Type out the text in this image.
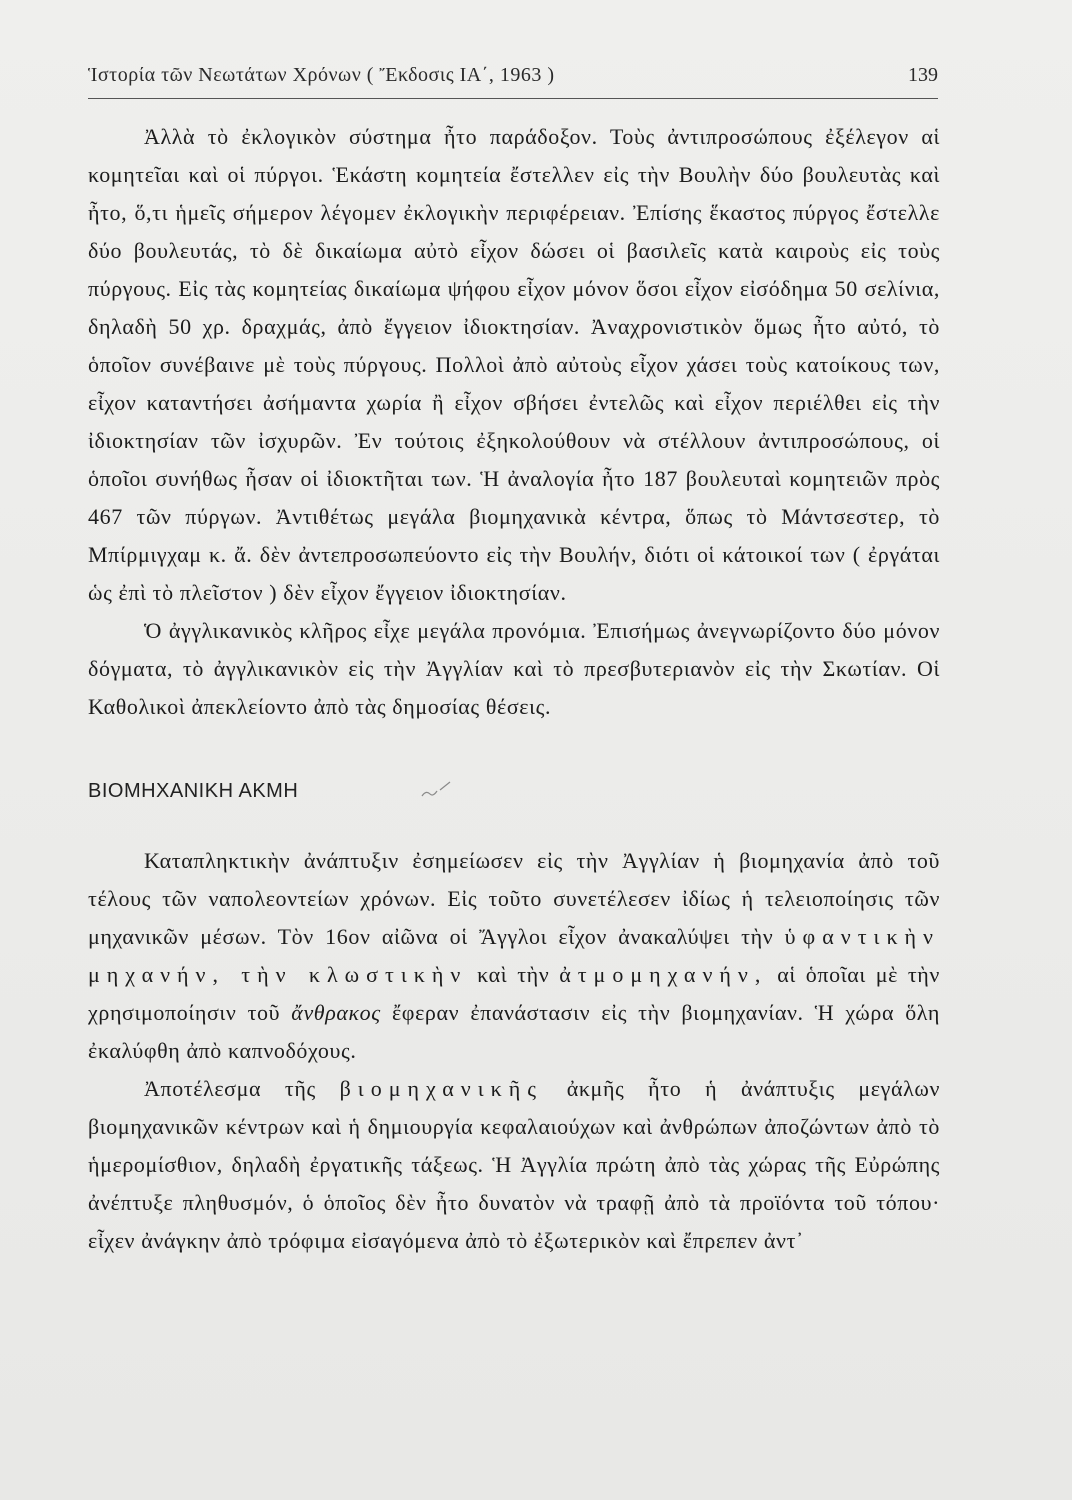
Ἱστορία τῶν Νεωτάτων Χρόνων ( Ἔκδοσις ΙΑ΄, 1963 )	139

Ἀλλὰ τὸ ἐκλογικὸν σύστημα ἦτο παράδοξον. Τοὺς ἀντιπροσώπους ἐξέλεγον αἱ κομητεῖαι καὶ οἱ πύργοι. Ἑκάστη κομητεία ἔστελλεν εἰς τὴν Βουλὴν δύο βουλευτὰς καὶ ἦτο, ὅ,τι ἡμεῖς σήμερον λέγομεν ἐκλογικὴν περιφέρειαν. Ἐπίσης ἕκαστος πύργος ἔστελλε δύο βουλευτάς, τὸ δὲ δικαίωμα αὐτὸ εἶχον δώσει οἱ βασιλεῖς κατὰ καιροὺς εἰς τοὺς πύργους. Εἰς τὰς κομητείας δικαίωμα ψήφου εἶχον μόνον ὅσοι εἶχον εἰσόδημα 50 σελίνια, δηλαδὴ 50 χρ. δραχμάς, ἀπὸ ἔγγειον ἰδιοκτησίαν. Ἀναχρονιστικὸν ὅμως ἦτο αὐτό, τὸ ὁποῖον συνέβαινε μὲ τοὺς πύργους. Πολλοὶ ἀπὸ αὐτοὺς εἶχον χάσει τοὺς κατοίκους των, εἶχον καταντήσει ἀσήμαντα χωρία ἢ εἶχον σβήσει ἐντελῶς καὶ εἶχον περιέλθει εἰς τὴν ἰδιοκτησίαν τῶν ἰσχυρῶν. Ἐν τούτοις ἐξηκολούθουν νὰ στέλλουν ἀντιπροσώπους, οἱ ὁποῖοι συνήθως ἦσαν οἱ ἰδιοκτῆται των. Ἡ ἀναλογία ἦτο 187 βουλευταὶ κομητειῶν πρὸς 467 τῶν πύργων. Ἀντιθέτως μεγάλα βιομηχανικὰ κέντρα, ὅπως τὸ Μάντσεστερ, τὸ Μπίρμιγχαμ κ. ἄ. δὲν ἀντεπροσωπεύοντο εἰς τὴν Βουλήν, διότι οἱ κάτοικοί των ( ἐργάται ὡς ἐπὶ τὸ πλεῖστον ) δὲν εἶχον ἔγγειον ἰδιοκτησίαν.

Ὁ ἀγγλικανικὸς κλῆρος εἶχε μεγάλα προνόμια. Ἐπισήμως ἀνεγνωρίζοντο δύο μόνον δόγματα, τὸ ἀγγλικανικὸν εἰς τὴν Ἀγγλίαν καὶ τὸ πρεσβυτεριανὸν εἰς τὴν Σκωτίαν. Οἱ Καθολικοὶ ἀπεκλείοντο ἀπὸ τὰς δημοσίας θέσεις.

ΒΙΟΜΗΧΑΝΙΚΗ ΑΚΜΗ

Καταπληκτικὴν ἀνάπτυξιν ἐσημείωσεν εἰς τὴν Ἀγγλίαν ἡ βιομηχανία ἀπὸ τοῦ τέλους τῶν ναπολεοντείων χρόνων. Εἰς τοῦτο συνετέλεσεν ἰδίως ἡ τελειοποίησις τῶν μηχανικῶν μέσων. Τὸν 16ον αἰῶνα οἱ Ἄγγλοι εἶχον ἀνακαλύψει τὴν ὑφαντικὴν μηχανήν, τὴν κλωστικὴν καὶ τὴν ἀτμομηχανήν, αἱ ὁποῖαι μὲ τὴν χρησιμοποίησιν τοῦ ἄνθρακος ἔφεραν ἐπανάστασιν εἰς τὴν βιομηχανίαν. Ἡ χώρα ὅλη ἐκαλύφθη ἀπὸ καπνοδόχους.

Ἀποτέλεσμα τῆς βιομηχανικῆς ἀκμῆς ἦτο ἡ ἀνάπτυξις μεγάλων βιομηχανικῶν κέντρων καὶ ἡ δημιουργία κεφαλαιούχων καὶ ἀνθρώπων ἀποζώντων ἀπὸ τὸ ἡμερομίσθιον, δηλαδὴ ἐργατικῆς τάξεως. Ἡ Ἀγγλία πρώτη ἀπὸ τὰς χώρας τῆς Εὐρώπης ἀνέπτυξε πληθυσμόν, ὁ ὁποῖος δὲν ἦτο δυνατὸν νὰ τραφῇ ἀπὸ τὰ προϊόντα τοῦ τόπου· εἶχεν ἀνάγκην ἀπὸ τρόφιμα εἰσαγόμενα ἀπὸ τὸ ἐξωτερικὸν καὶ ἔπρεπεν ἀντ᾽
